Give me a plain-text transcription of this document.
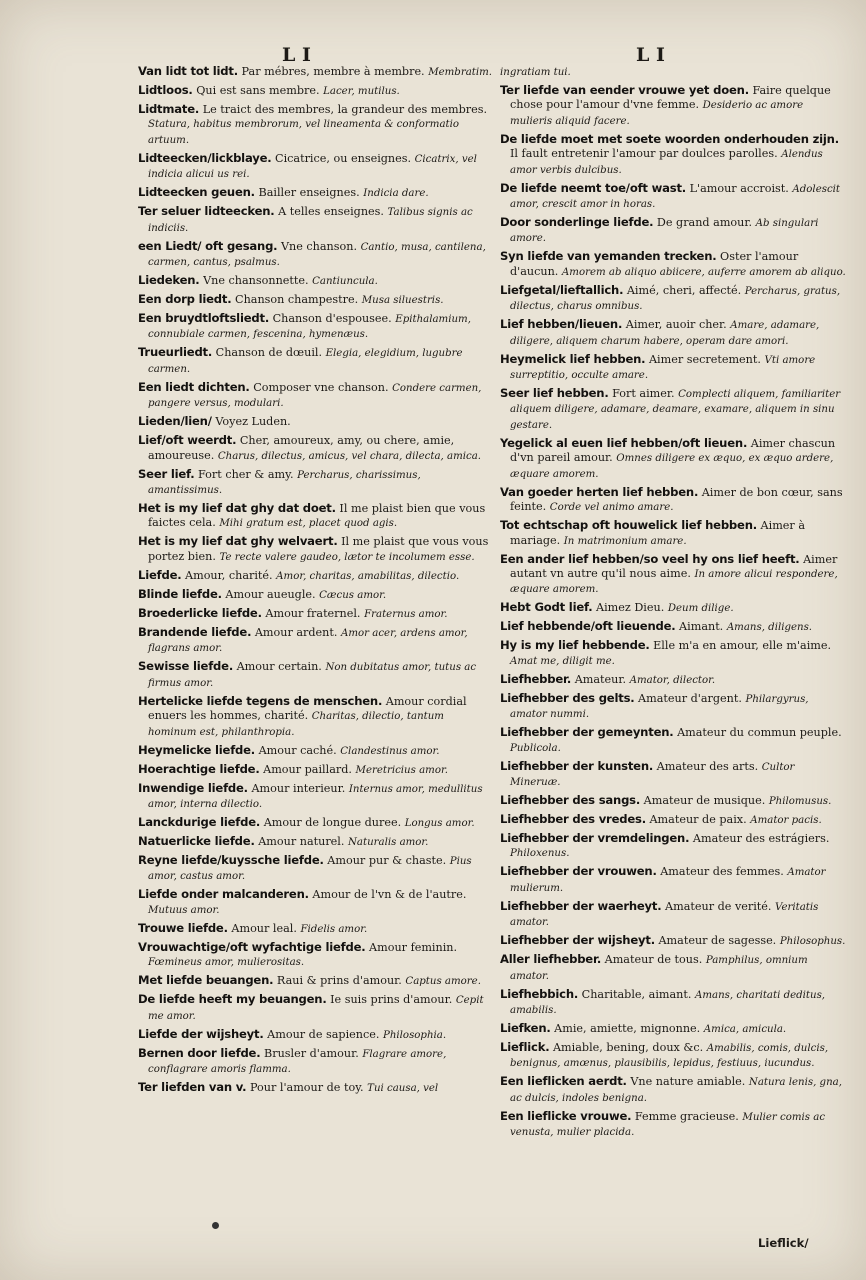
L I	L I
Van lidt tot lidt. Par mébres, membre à membre. Membratim.
Lidtloos. Qui est sans membre. Lacer, mutilus.
Lidtmate. Le traict des membres, la grandeur des membres. Statura, habitus membrorum, vel lineamenta & conformatio artuum.
Lidteecken/lickblaye. Cicatrice, ou enseignes. Cicatrix, vel indicia alicui us rei.
Lidteecken geuen. Bailler enseignes. Indicia dare.
Ter seluer lidteecken. A telles enseignes. Talibus signis ac indiciis.
een Liedt/ oft gesang. Vne chanson. Cantio, musa, cantilena, carmen, cantus, psalmus.
Liedeken. Vne chansonnette. Cantiuncula.
Een dorp liedt. Chanson champestre. Musa siluestris.
Een bruydtloftsliedt. Chanson d'espousee. Epithalamium, connubiale carmen, fescenina, hymenæus.
Trueurliedt. Chanson de dœuil. Elegia, elegidium, lugubre carmen.
Een liedt dichten. Composer vne chanson. Condere carmen, pangere versus, modulari.
Lieden/lien/ Voyez Luden.
Lief/oft weerdt. Cher, amoureux, amy, ou chere, amie, amoureuse. Charus, dilectus, amicus, vel chara, dilecta, amica.
Seer lief. Fort cher & amy. Percharus, charissimus, amantissimus.
Het is my lief dat ghy dat doet. Il me plaist bien que vous faictes cela. Mihi gratum est, placet quod agis.
Het is my lief dat ghy welvaert. Il me plaist que vous vous portez bien. Te recte valere gaudeo, lætor te incolumem esse.
Liefde. Amour, charité. Amor, charitas, amabilitas, dilectio.
Blinde liefde. Amour aueugle. Cæcus amor.
Broederlicke liefde. Amour fraternel. Fraternus amor.
Brandende liefde. Amour ardent. Amor acer, ardens amor, flagrans amor.
Sewisse liefde. Amour certain. Non dubitatus amor, tutus ac firmus amor.
Hertelicke liefde tegens de menschen. Amour cordial enuers les hommes, charité. Charitas, dilectio, tantum hominum est, philanthropia.
Heymelicke liefde. Amour caché. Clandestinus amor.
Hoerachtige liefde. Amour paillard. Meretricius amor.
Inwendige liefde. Amour interieur. Internus amor, medullitus amor, interna dilectio.
Lanckdurige liefde. Amour de longue duree. Longus amor.
Natuerlicke liefde. Amour naturel. Naturalis amor.
Reyne liefde/kuyssche liefde. Amour pur & chaste. Pius amor, castus amor.
Liefde onder malcanderen. Amour de l'vn & de l'autre. Mutuus amor.
Trouwe liefde. Amour leal. Fidelis amor.
Vrouwachtige/oft wyfachtige liefde. Amour feminin. Fœmineus amor, mulierositas.
Met liefde beuangen. Raui & prins d'amour. Captus amore.
De liefde heeft my beuangen. Ie suis prins d'amour. Cepit me amor.
Liefde der wijsheyt. Amour de sapience. Philosophia.
Bernen door liefde. Brusler d'amour. Flagrare amore, conflagrare amoris flamma.
Ter liefden van v. Pour l'amour de toy. Tui causa, vel
ingratiam tui.
Ter liefde van eender vrouwe yet doen. Faire quelque chose pour l'amour d'vne femme. Desiderio ac amore mulieris aliquid facere.
De liefde moet met soete woorden onderhouden zijn. Il fault entretenir l'amour par doulces parolles. Alendus amor verbis dulcibus.
De liefde neemt toe/oft wast. L'amour accroist. Adolescit amor, crescit amor in horas.
Door sonderlinge liefde. De grand amour. Ab singulari amore.
Syn liefde van yemanden trecken. Oster l'amour d'aucun. Amorem ab aliquo abiicere, auferre amorem ab aliquo.
Liefgetal/lieftallich. Aimé, cheri, affecté. Percharus, gratus, dilectus, charus omnibus.
Lief hebben/lieuen. Aimer, auoir cher. Amare, adamare, diligere, aliquem charum habere, operam dare amori.
Heymelick lief hebben. Aimer secretement. Vti amore surreptitio, occulte amare.
Seer lief hebben. Fort aimer. Complecti aliquem, familiariter aliquem diligere, adamare, deamare, examare, aliquem in sinu gestare.
Yegelick al euen lief hebben/oft lieuen. Aimer chascun d'vn pareil amour. Omnes diligere ex æquo, ex æquo ardere, æquare amorem.
Van goeder herten lief hebben. Aimer de bon cœur, sans feinte. Corde vel animo amare.
Tot echtschap oft houwelick lief hebben. Aimer à mariage. In matrimonium amare.
Een ander lief hebben/so veel hy ons lief heeft. Aimer autant vn autre qu'il nous aime. In amore alicui respondere, æquare amorem.
Hebt Godt lief. Aimez Dieu. Deum dilige.
Lief hebbende/oft lieuende. Aimant. Amans, diligens.
Hy is my lief hebbende. Elle m'a en amour, elle m'aime. Amat me, diligit me.
Liefhebber. Amateur. Amator, dilector.
Liefhebber des gelts. Amateur d'argent. Philargyrus, amator nummi.
Liefhebber der gemeynten. Amateur du commun peuple. Publicola.
Liefhebber der kunsten. Amateur des arts. Cultor Mineruæ.
Liefhebber des sangs. Amateur de musique. Philomusus.
Liefhebber des vredes. Amateur de paix. Amator pacis.
Liefhebber der vremdelingen. Amateur des estrágiers. Philoxenus.
Liefhebber der vrouwen. Amateur des femmes. Amator mulierum.
Liefhebber der waerheyt. Amateur de verité. Veritatis amator.
Liefhebber der wijsheyt. Amateur de sagesse. Philosophus.
Aller liefhebber. Amateur de tous. Pamphilus, omnium amator.
Liefhebbich. Charitable, aimant. Amans, charitati deditus, amabilis.
Liefken. Amie, amiette, mignonne. Amica, amicula.
Lieflick. Amiable, bening, doux &c. Amabilis, comis, dulcis, benignus, amœnus, plausibilis, lepidus, festiuus, iucundus.
Een lieflicken aerdt. Vne nature amiable. Natura lenis, gna, ac dulcis, indoles benigna.
Een lieflicke vrouwe. Femme gracieuse. Mulier comis ac venusta, mulier placida.
Lieflick/
